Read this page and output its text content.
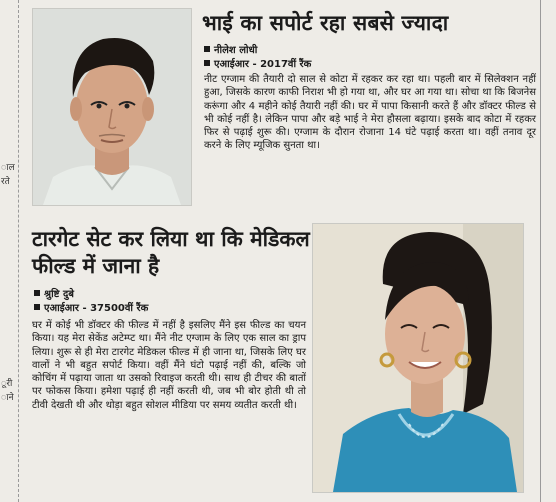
ाल
रते
ूरी
ाने
भाई का सपोर्ट रहा सबसे ज्यादा
नीलेश लोधी
एआईआर - 2017वीं रैंक
नीट एग्जाम की तैयारी दो साल से कोटा में रहकर कर रहा था। पहली बार में सिलेक्शन नहीं हुआ, जिसके कारण काफी निराश भी हो गया था, और घर आ गया था। सोचा था कि बिजनेस करूंगा और 4 महीने कोई तैयारी नहीं की। घर में पापा किसानी करते हैं और डॉक्टर फील्ड से भी कोई नहीं है। लेकिन पापा और बड़े भाई ने मेरा हौसला बढ़ाया। इसके बाद कोटा में रहकर फिर से पढ़ाई शुरू की। एग्जाम के दौरान रोजाना 14 घंटे पढ़ाई करता था। वहीं तनाव दूर करने के लिए म्यूजिक सुनता था।
टारगेट सेट कर लिया था कि मेडिकल फील्ड में जाना है
श्रुष्टि दुबे
एआईआर - 37500वीं रैंक
घर में कोई भी डॉक्टर की फील्ड में नहीं है इसलिए मैंने इस फील्ड का चयन किया। यह मेरा सेकेंड अटेम्प्ट था। मैंने नीट एग्जाम के लिए एक साल का ड्राप लिया। शुरू से ही मेरा टारगेट मेडिकल फील्ड में ही जाना था, जिसके लिए घर वालों ने भी बहुत सपोर्ट किया। वहीं मैंने घंटो पढ़ाई नहीं की, बल्कि जो कोचिंग में पढ़ाया जाता था उसको रिवाइज करती थी। साथ ही टीचर की बातों पर फोकस किया। हमेशा पढ़ाई ही नहीं करती थी, जब भी बोर होती थी तो टीवी देखती थी और थोड़ा बहुत सोशल मीडिया पर समय व्यतीत करती थी।
